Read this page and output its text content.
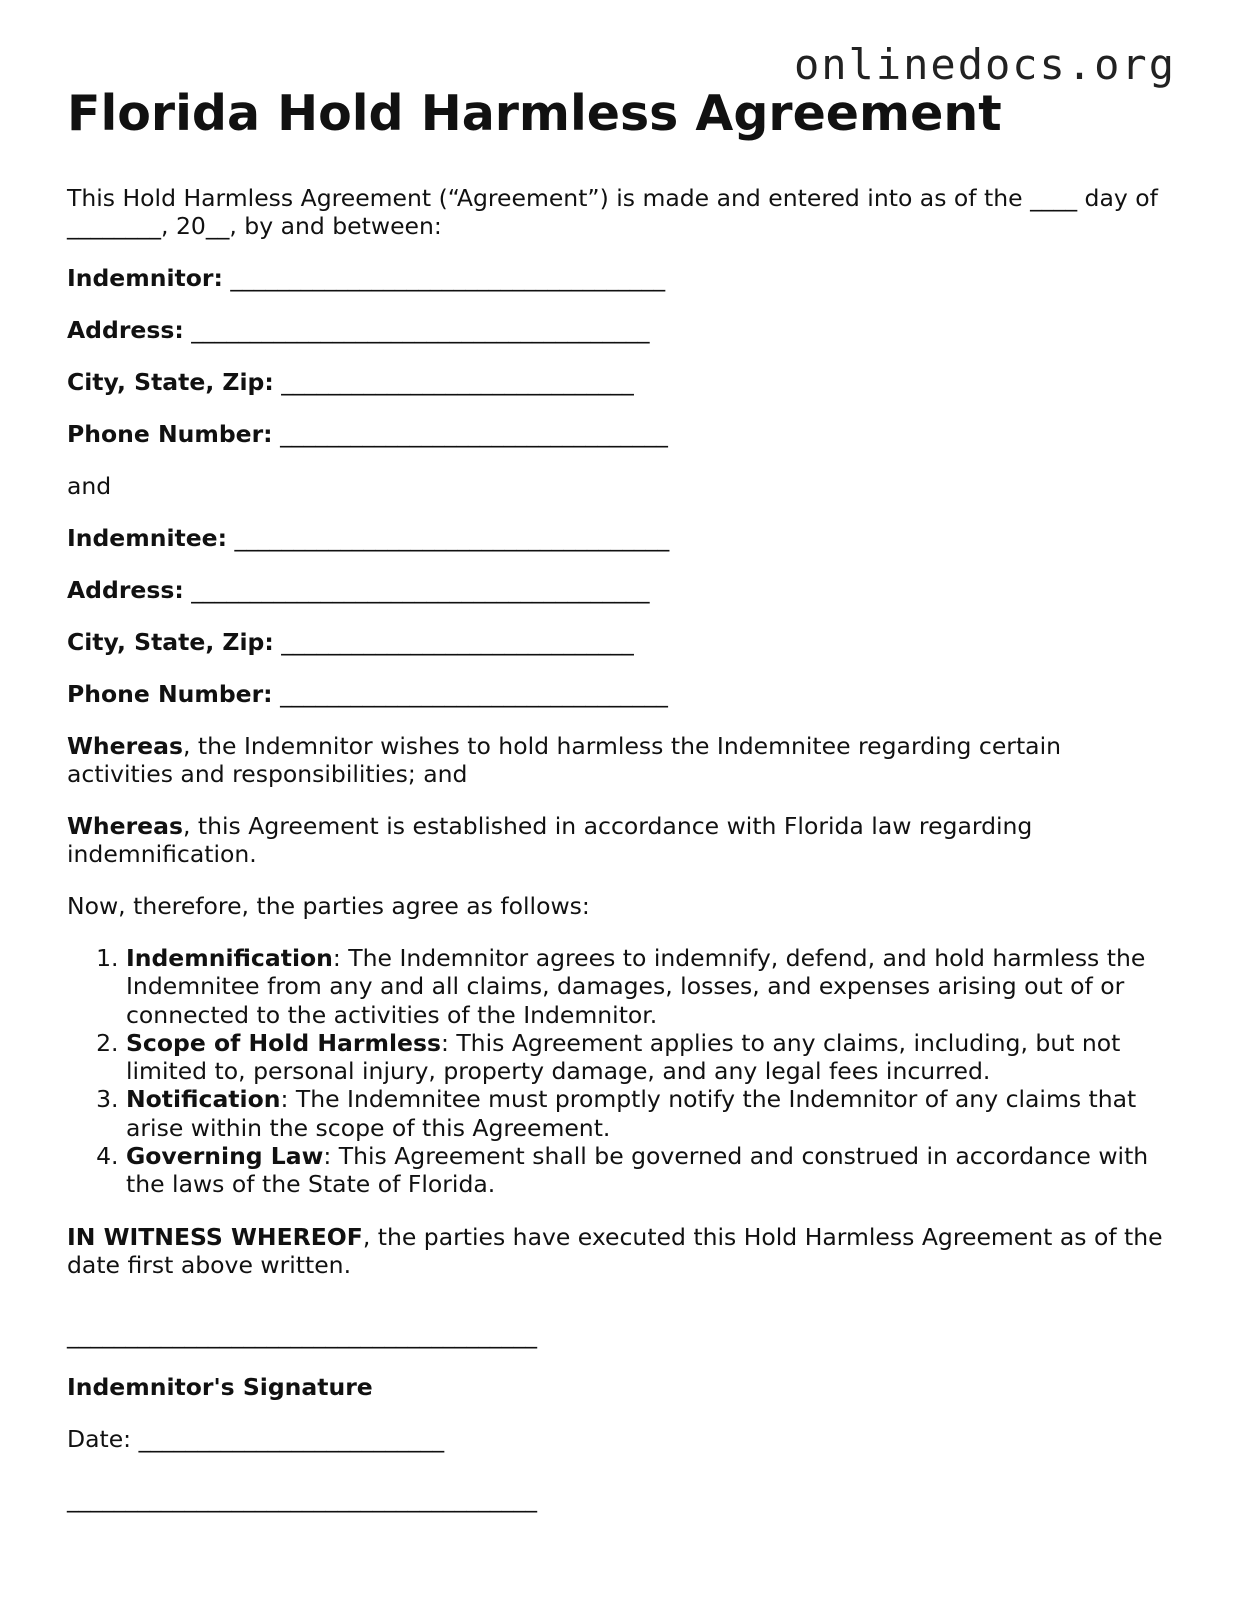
onlinedocs.org
Florida Hold Harmless Agreement

This Hold Harmless Agreement (“Agreement”) is made and entered into as of the ____ day of ________, 20__, by and between:

Indemnitor: _____________________________________
Address: _______________________________________
City, State, Zip: ______________________________
Phone Number: _________________________________

and

Indemnitee: _____________________________________
Address: _______________________________________
City, State, Zip: ______________________________
Phone Number: _________________________________

Whereas, the Indemnitor wishes to hold harmless the Indemnitee regarding certain activities and responsibilities; and

Whereas, this Agreement is established in accordance with Florida law regarding indemnification.

Now, therefore, the parties agree as follows:

1. Indemnification: The Indemnitor agrees to indemnify, defend, and hold harmless the Indemnitee from any and all claims, damages, losses, and expenses arising out of or connected to the activities of the Indemnitor.
2. Scope of Hold Harmless: This Agreement applies to any claims, including, but not limited to, personal injury, property damage, and any legal fees incurred.
3. Notification: The Indemnitee must promptly notify the Indemnitor of any claims that arise within the scope of this Agreement.
4. Governing Law: This Agreement shall be governed and construed in accordance with the laws of the State of Florida.

IN WITNESS WHEREOF, the parties have executed this Hold Harmless Agreement as of the date first above written.

________________________________________
Indemnitor's Signature
Date: __________________________
________________________________________
